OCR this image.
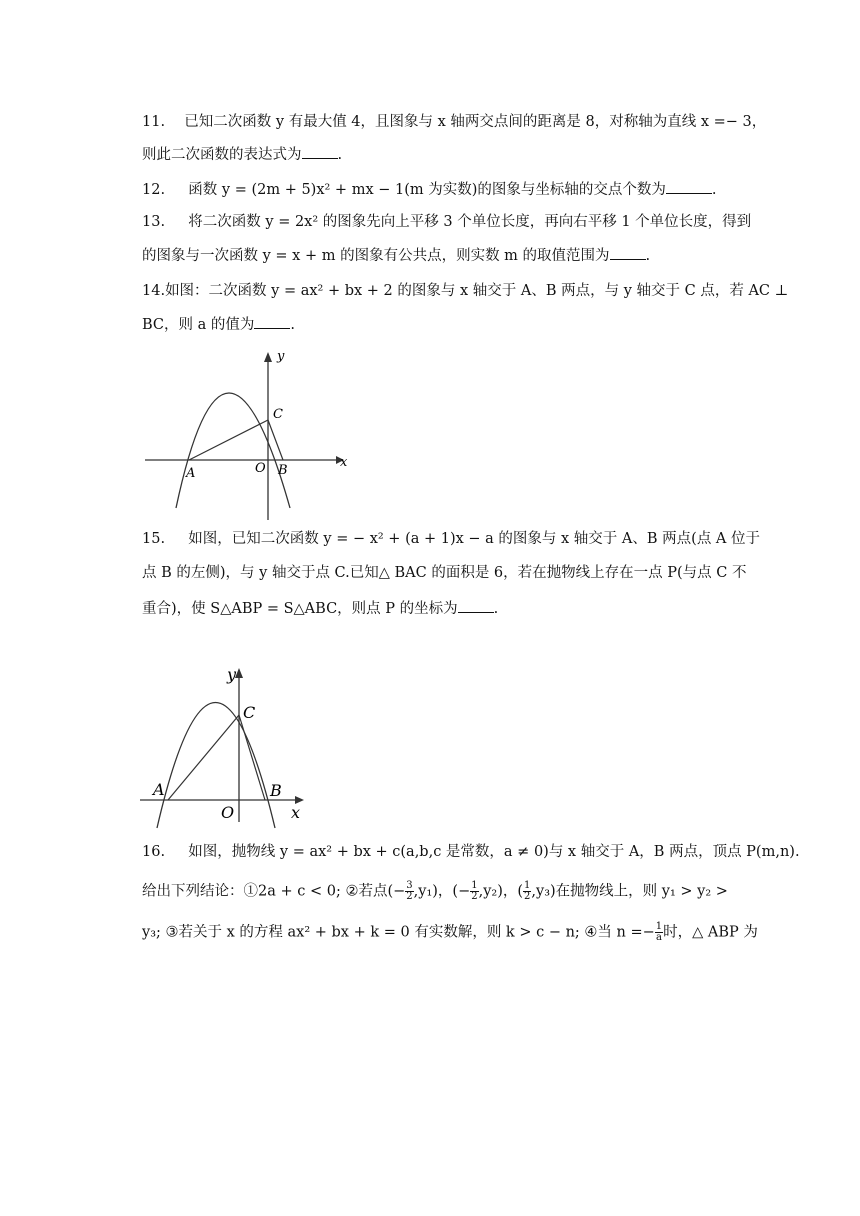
11. 已知二次函数 y 有最大值 4，且图象与 x 轴两交点间的距离是 8，对称轴为直线 x =− 3，
则此二次函数的表达式为 .
12. 函数 y = (2m + 5)x² + mx − 1(m 为实数)的图象与坐标轴的交点个数为	.
13. 将二次函数 y = 2x² 的图象先向上平移 3 个单位长度，再向右平移 1 个单位长度，得到
的图象与一次函数 y = x + m 的图象有公共点，则实数 m 的取值范围为 .
14.如图：二次函数 y = ax² + bx + 2 的图象与 x 轴交于 A、B 两点，与 y 轴交于 C 点，若 AC ⊥
BC，则 a 的值为 .
y
x
C
A	O B
15. 如图，已知二次函数 y = − x² + (a + 1)x − a 的图象与 x 轴交于 A、B 两点(点 A 位于
点 B 的左侧)，与 y 轴交于点 C.已知△ BAC 的面积是 6，若在抛物线上存在一点 P(与点 C 不
重合)，使 S△ABP = S△ABC，则点 P 的坐标为 .
y
x
C
A
O
B
16. 如图，抛物线 y = ax² + bx + c(a,b,c 是常数，a ≠ 0)与 x 轴交于 A，B 两点，顶点 P(m,n).
给出下列结论：①2a + c < 0; ②若点(− $\frac{3}{2} ,y_1$)，(− $\frac{1}{2} ,y_2$)，( $\frac{1}{2} ,y_3$)在抛物线上，则 y₁ > y₂ >
y₃; ③若关于 x 的方程 ax² + bx + k = 0 有实数解，则 k > c − n; ④当 $n =- \frac{1}{a}$ 时，△ ABP 为
